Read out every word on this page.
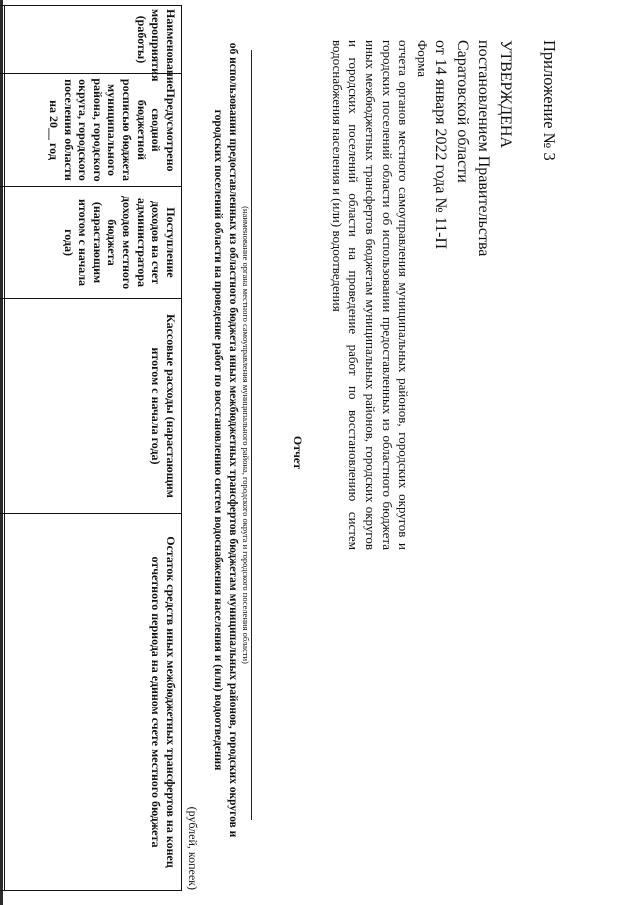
Приложение № 3
УТВЕРЖДЕНА
постановлением Правительства
Саратовской области
от 14 января 2022 года № 11-П
Форма
отчета органов местного самоуправления муниципальных районов, городских округов и городских поселений области об использовании предоставленных из областного бюджета иных межбюджетных трансфертов бюджетам муниципальных районов, городских округов и городских поселений области на проведение работ по восстановлению систем водоснабжения населения и (или) водоотведения
Отчет
(наименование органа местного самоуправления муниципального района, городского округа и городского поселения области)
об использовании предоставленных из областного бюджета иных межбюджетных трансфертов бюджетам муниципальных районов, городских округов и городских поселений области на проведение работ по восстановлению систем водоснабжения населения и (или) водоотведения
(рублей, копеек)
Наименование мероприятия (работы)	Предусмотрено сводной бюджетной росписью бюджета муниципального района, городского округа, городского поселения области на 20__ год	Поступление доходов на счет администратора доходов местного бюджета (нарастающим итогом с начала года)	Кассовые расходы (нарастающим итогом с начала года)	Остаток средств иных межбюджетных трансфертов на конец отчетного периода на едином счете местного бюджета
